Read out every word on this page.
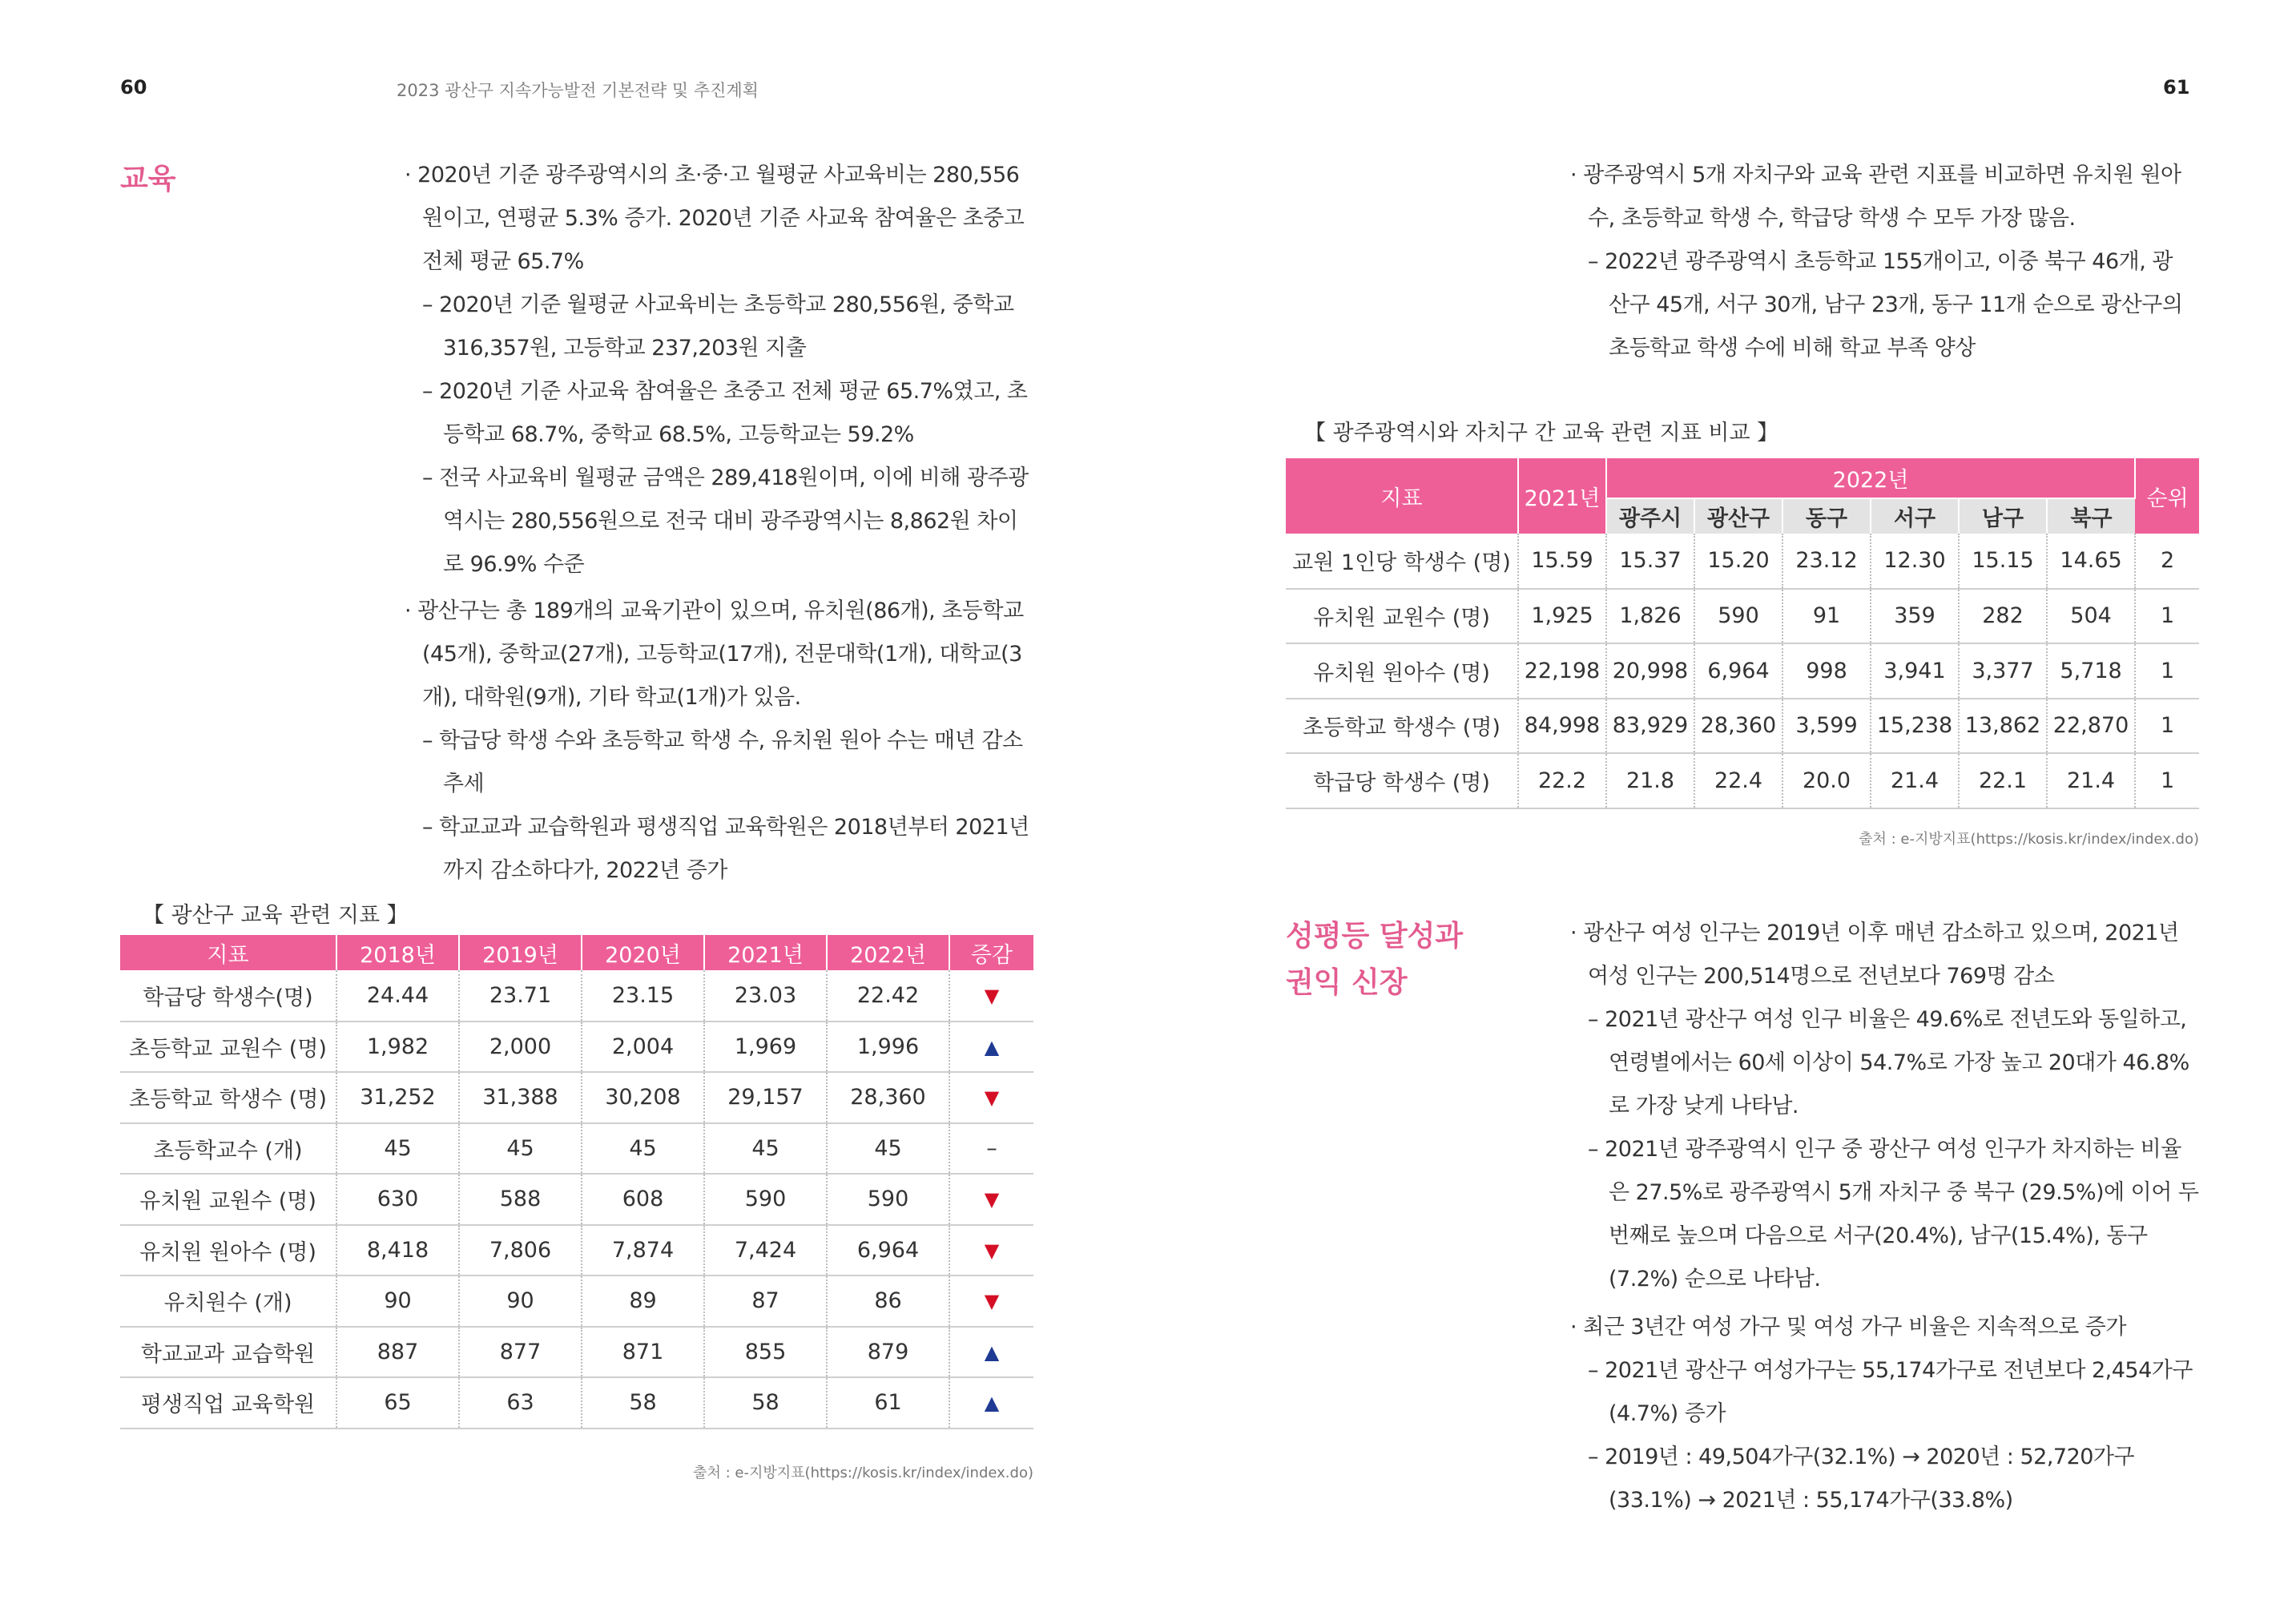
60	2023 광산구 지속가능발전 기본전략 및 추진계획	61
교육	· 2020년 기준 광주광역시의 초·중·고 월평균 사교육비는 280,556원이고, 연평균 5.3% 증가. 2020년 기준 사교육 참여율은 초중고 전체 평균 65.7%

– 2020년 기준 월평균 사교육비는 초등학교 280,556원, 중학교 316,357원, 고등학교 237,203원 지출

– 2020년 기준 사교육 참여율은 초중고 전체 평균 65.7%였고, 초등학교 68.7%, 중학교 68.5%, 고등학교는 59.2%

– 전국 사교육비 월평균 금액은 289,418원이며, 이에 비해 광주광역시는 280,556원으로 전국 대비 광주광역시는 8,862원 차이로 96.9% 수준

· 광산구는 총 189개의 교육기관이 있으며, 유치원(86개), 초등학교(45개), 중학교(27개), 고등학교(17개), 전문대학(1개), 대학교(3개), 대학원(9개), 기타 학교(1개)가 있음.

– 학급당 학생 수와 초등학교 학생 수, 유치원 원아 수는 매년 감소 추세

– 학교교과 교습학원과 평생직업 교육학원은 2018년부터 2021년까지 감소하다가, 2022년 증가

【 광산구 교육 관련 지표 】
지표	2018년	2019년	2020년	2021년	2022년	증감
학급당 학생수(명)	24.44	23.71	23.15	23.03	22.42	▼
초등학교 교원수 (명)	1,982	2,000	2,004	1,969	1,996	▲
초등학교 학생수 (명)	31,252	31,388	30,208	29,157	28,360	▼
초등학교수 (개)	45	45	45	45	45	–
유치원 교원수 (명)	630	588	608	590	590	▼
유치원 원아수 (명)	8,418	7,806	7,874	7,424	6,964	▼
유치원수 (개)	90	90	89	87	86	▼
학교교과 교습학원	887	877	871	855	879	▲
평생직업 교육학원	65	63	58	58	61	▲
출처 : e-지방지표(https://kosis.kr/index/index.do)

· 광주광역시 5개 자치구와 교육 관련 지표를 비교하면 유치원 원아 수, 초등학교 학생 수, 학급당 학생 수 모두 가장 많음.

– 2022년 광주광역시 초등학교 155개이고, 이중 북구 46개, 광산구 45개, 서구 30개, 남구 23개, 동구 11개 순으로 광산구의 초등학교 학생 수에 비해 학교 부족 양상

【 광주광역시와 자치구 간 교육 관련 지표 비교 】
지표	2021년	2022년						순위
		광주시	광산구	동구	서구	남구	북구	
교원 1인당 학생수 (명)	15.59	15.37	15.20	23.12	12.30	15.15	14.65	2
유치원 교원수 (명)	1,925	1,826	590	91	359	282	504	1
유치원 원아수 (명)	22,198	20,998	6,964	998	3,941	3,377	5,718	1
초등학교 학생수 (명)	84,998	83,929	28,360	3,599	15,238	13,862	22,870	1
학급당 학생수 (명)	22.2	21.8	22.4	20.0	21.4	22.1	21.4	1
출처 : e-지방지표(https://kosis.kr/index/index.do)
성평등 달성과
권익 신장

· 광산구 여성 인구는 2019년 이후 매년 감소하고 있으며, 2021년 여성 인구는 200,514명으로 전년보다 769명 감소

– 2021년 광산구 여성 인구 비율은 49.6%로 전년도와 동일하고, 연령별에서는 60세 이상이 54.7%로 가장 높고 20대가 46.8%로 가장 낮게 나타남.

– 2021년 광주광역시 인구 중 광산구 여성 인구가 차지하는 비율은 27.5%로 광주광역시 5개 자치구 중 북구 (29.5%)에 이어 두 번째로 높으며 다음으로 서구(20.4%), 남구(15.4%), 동구(7.2%) 순으로 나타남.

· 최근 3년간 여성 가구 및 여성 가구 비율은 지속적으로 증가

– 2021년 광산구 여성가구는 55,174가구로 전년보다 2,454가구(4.7%) 증가

– 2019년 : 49,504가구(32.1%) → 2020년 : 52,720가구(33.1%) → 2021년 : 55,174가구(33.8%)
